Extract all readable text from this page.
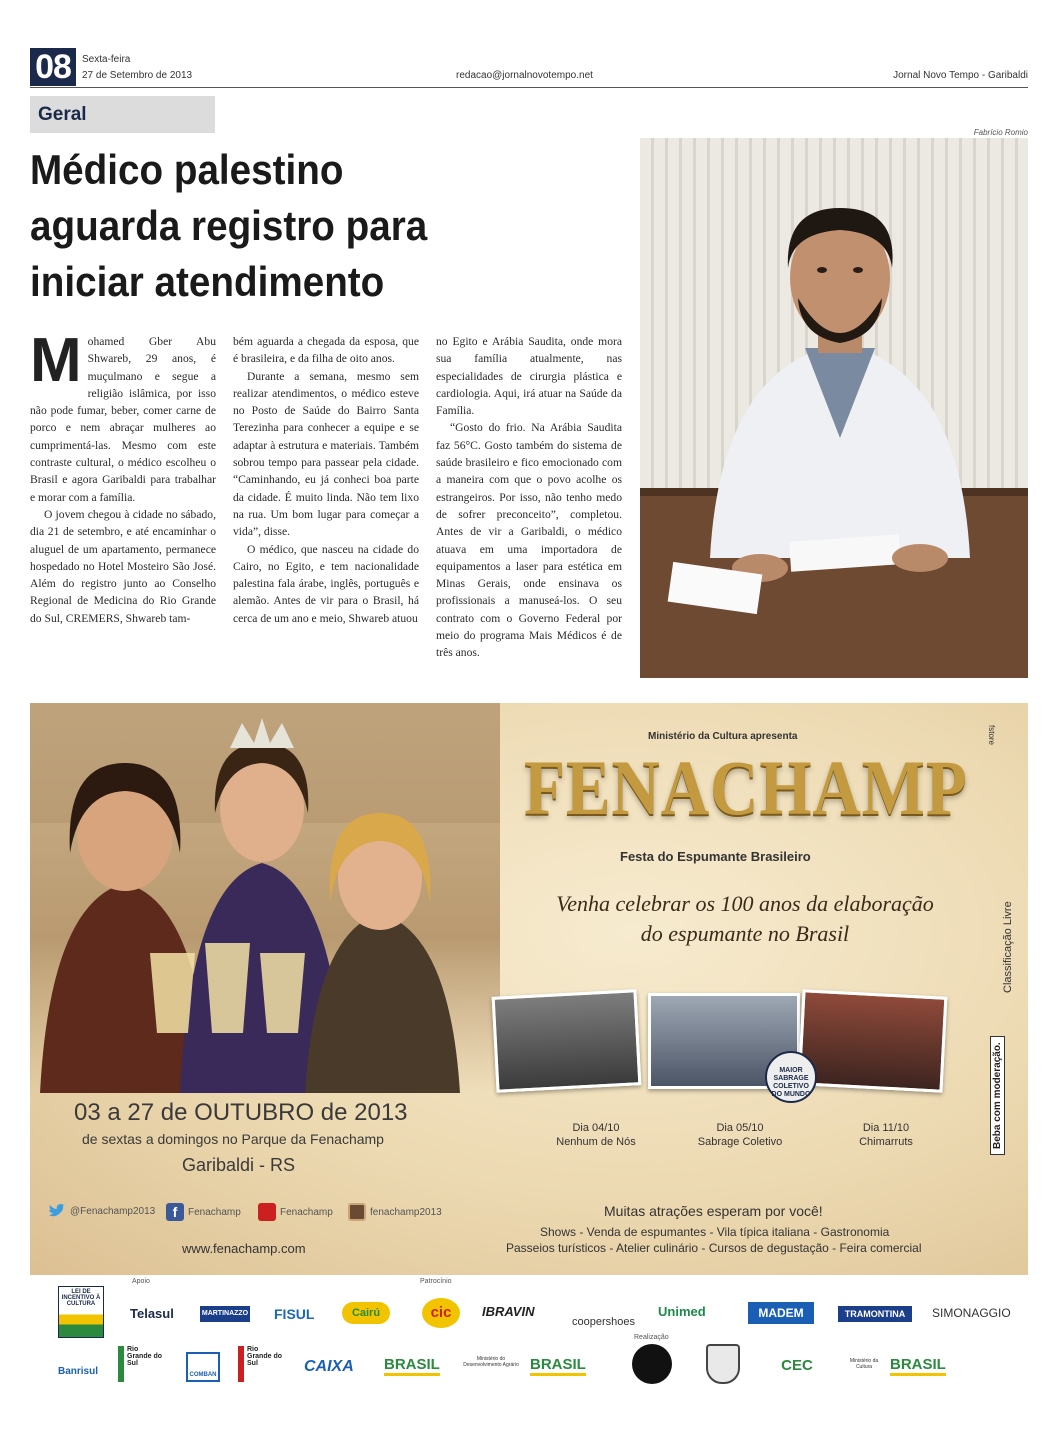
08	Sexta-feira
27 de Setembro de 2013	redacao@jornalnovotempo.net	Jornal Novo Tempo - Garibaldi
Geral
Médico palestino
aguarda registro para
iniciar atendimento
M ohamed Gber Abu Shwareb, 29 anos, é muçulmano e segue a religião islâmica, por isso não pode fumar, beber, comer carne de porco e nem abraçar mulheres ao cumprimentá-las. Mesmo com este contraste cultural, o médico escolheu o Brasil e agora Garibaldi para trabalhar e morar com a família.

O jovem chegou à cidade no sábado, dia 21 de setembro, e até encaminhar o aluguel de um apartamento, permanece hospedado no Hotel Mosteiro São José. Além do registro junto ao Conselho Regional de Medicina do Rio Grande do Sul, CREMERS, Shwareb tam-

bém aguarda a chegada da esposa, que é brasileira, e da filha de oito anos.

Durante a semana, mesmo sem realizar atendimentos, o médico esteve no Posto de Saúde do Bairro Santa Terezinha para conhecer a equipe e se adaptar à estrutura e materiais. Também sobrou tempo para passear pela cidade. “Caminhando, eu já conheci boa parte da cidade. É muito linda. Não tem lixo na rua. Um bom lugar para começar a vida”, disse.

O médico, que nasceu na cidade do Cairo, no Egito, e tem nacionalidade palestina fala árabe, inglês, português e alemão. Antes de vir para o Brasil, há cerca de um ano e meio, Shwareb atuou

no Egito e Arábia Saudita, onde mora sua família atualmente, nas especialidades de cirurgia plástica e cardiologia. Aqui, irá atuar na Saúde da Família.

“Gosto do frio. Na Arábia Saudita faz 56°C. Gosto também do sistema de saúde brasileiro e fico emocionado com a maneira com que o povo acolhe os estrangeiros. Por isso, não tenho medo de sofrer preconceito”, completou. Antes de vir a Garibaldi, o médico atuava em uma importadora de equipamentos a laser para estética em Minas Gerais, onde ensinava os profissionais a manuseá-los. O seu contrato com o Governo Federal por meio do programa Mais Médicos é de três anos.

Fabrício Romio
Ministério da Cultura apresenta	fstore
FENACHAMP
Festa do Espumante Brasileiro
Venha celebrar os 100 anos da elaboração
do espumante no Brasil	Classificação Livre
Beba com moderação.
MAIOR SABRAGE COLETIVO DO MUNDO
Dia 04/10
Nenhum de Nós
Dia 05/10
Sabrage Coletivo
Dia 11/10
Chimarruts
03 a 27 de OUTUBRO de 2013
de sextas a domingos no Parque da Fenachamp
Garibaldi - RS
@Fenachamp2013	f	Fenachamp	Fenachamp	fenachamp2013
www.fenachamp.com
Muitas atrações esperam por você!
Shows - Venda de espumantes - Vila típica italiana - Gastronomia
Passeios turísticos - Atelier culinário - Cursos de degustação - Feira comercial
Apoio	Patrocínio
Realização
LEI DE INCENTIVO À CULTURA
Telasul	MARTINAZZO FISUL	Cairú	cic	IBRAVIN
coopershoes
Unimed	MADEM	TRAMONTINA	SIMONAGGIO
Banrisul
Rio Grande do Sul
COMBAN
Rio Grande do Sul	CAIXA BRASIL	Ministério do Desenvolvimento Agrário BRASIL	CEC	Ministério da Cultura	BRASIL
